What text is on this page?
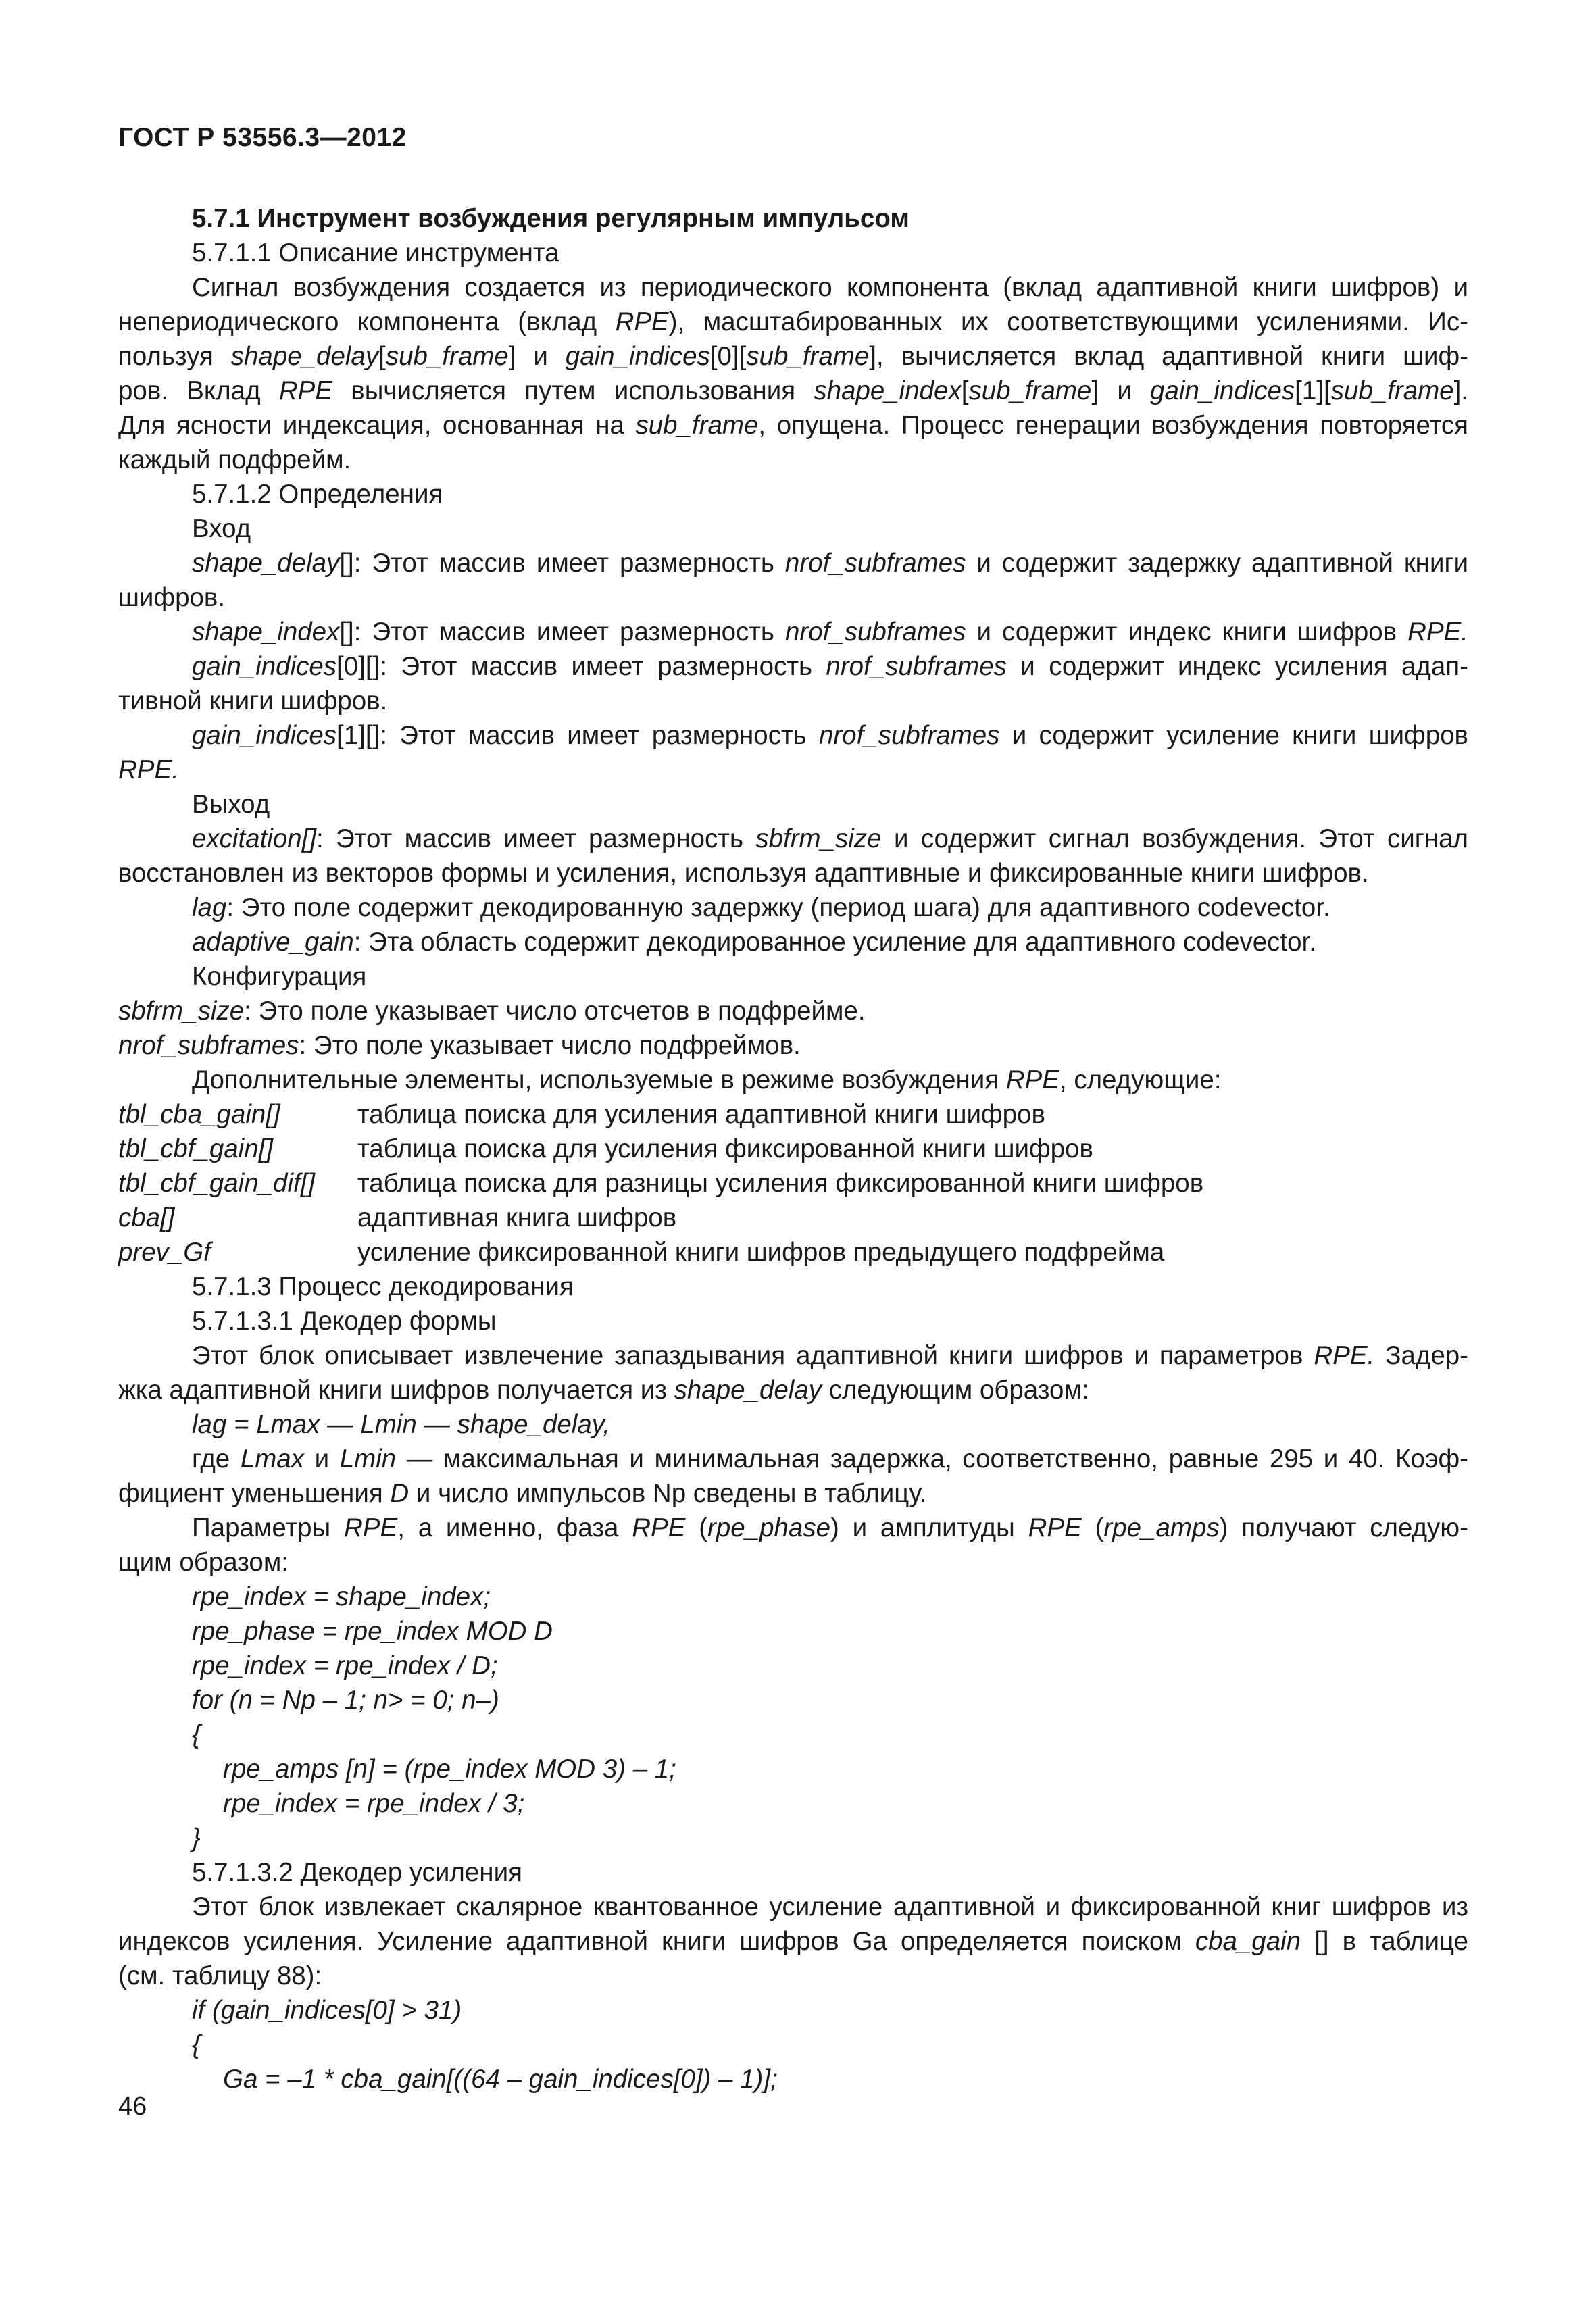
ГОСТ Р 53556.3—2012
5.7.1 Инструмент возбуждения регулярным импульсом
5.7.1.1 Описание инструмента
Сигнал возбуждения создается из периодического компонента (вклад адаптивной книги шифров) и
непериодического компонента (вклад RPE), масштабированных их соответствующими усилениями. Ис-
пользуя shape_delay[sub_frame] и gain_indices[0][sub_frame], вычисляется вклад адаптивной книги шиф-
ров. Вклад RPE вычисляется путем использования shape_index[sub_frame] и gain_indices[1][sub_frame].
Для ясности индексация, основанная на sub_frame, опущена. Процесс генерации возбуждения повторяется
каждый подфрейм.
5.7.1.2 Определения
Вход
shape_delay[]: Этот массив имеет размерность nrof_subframes и содержит задержку адаптивной книги
шифров.
shape_index[]: Этот массив имеет размерность nrof_subframes и содержит индекс книги шифров RPE.
gain_indices[0][]: Этот массив имеет размерность nrof_subframes и содержит индекс усиления адап-
тивной книги шифров.
gain_indices[1][]: Этот массив имеет размерность nrof_subframes и содержит усиление книги шифров
RPE.
Выход
excitation[]: Этот массив имеет размерность sbfrm_size и содержит сигнал возбуждения. Этот сигнал
восстановлен из векторов формы и усиления, используя адаптивные и фиксированные книги шифров.
lag: Это поле содержит декодированную задержку (период шага) для адаптивного codevector.
adaptive_gain: Эта область содержит декодированное усиление для адаптивного codevector.
Конфигурация
sbfrm_size: Это поле указывает число отсчетов в подфрейме.
nrof_subframes: Это поле указывает число подфреймов.
Дополнительные элементы, используемые в режиме возбуждения RPE, следующие:
tbl_cba_gain[]	таблица поиска для усиления адаптивной книги шифров
tbl_cbf_gain[]	таблица поиска для усиления фиксированной книги шифров
tbl_cbf_gain_dif[]	таблица поиска для разницы усиления фиксированной книги шифров
cba[]	адаптивная книга шифров
prev_Gf	усиление фиксированной книги шифров предыдущего подфрейма
5.7.1.3 Процесс декодирования
5.7.1.3.1 Декодер формы
Этот блок описывает извлечение запаздывания адаптивной книги шифров и параметров RPE. Задер-
жка адаптивной книги шифров получается из shape_delay следующим образом:
lag = Lmax — Lmin — shape_delay,
где Lmax и Lmin — максимальная и минимальная задержка, соответственно, равные 295 и 40. Коэф-
фициент уменьшения D и число импульсов Np сведены в таблицу.
Параметры RPE, а именно, фаза RPE (rpe_phase) и амплитуды RPE (rpe_amps) получают следую-
щим образом:
rpe_index = shape_index;
rpe_phase = rpe_index MOD D
rpe_index = rpe_index / D;
for (n = Np – 1; n> = 0; n–)
{
rpe_amps [n] = (rpe_index MOD 3) – 1;
rpe_index = rpe_index / 3;
}
5.7.1.3.2 Декодер усиления
Этот блок извлекает скалярное квантованное усиление адаптивной и фиксированной книг шифров из
индексов усиления. Усиление адаптивной книги шифров Ga определяется поиском cba_gain [] в таблице
(см. таблицу 88):
if (gain_indices[0] > 31)
{
Ga = –1 * cba_gain[((64 – gain_indices[0]) – 1)];
46
